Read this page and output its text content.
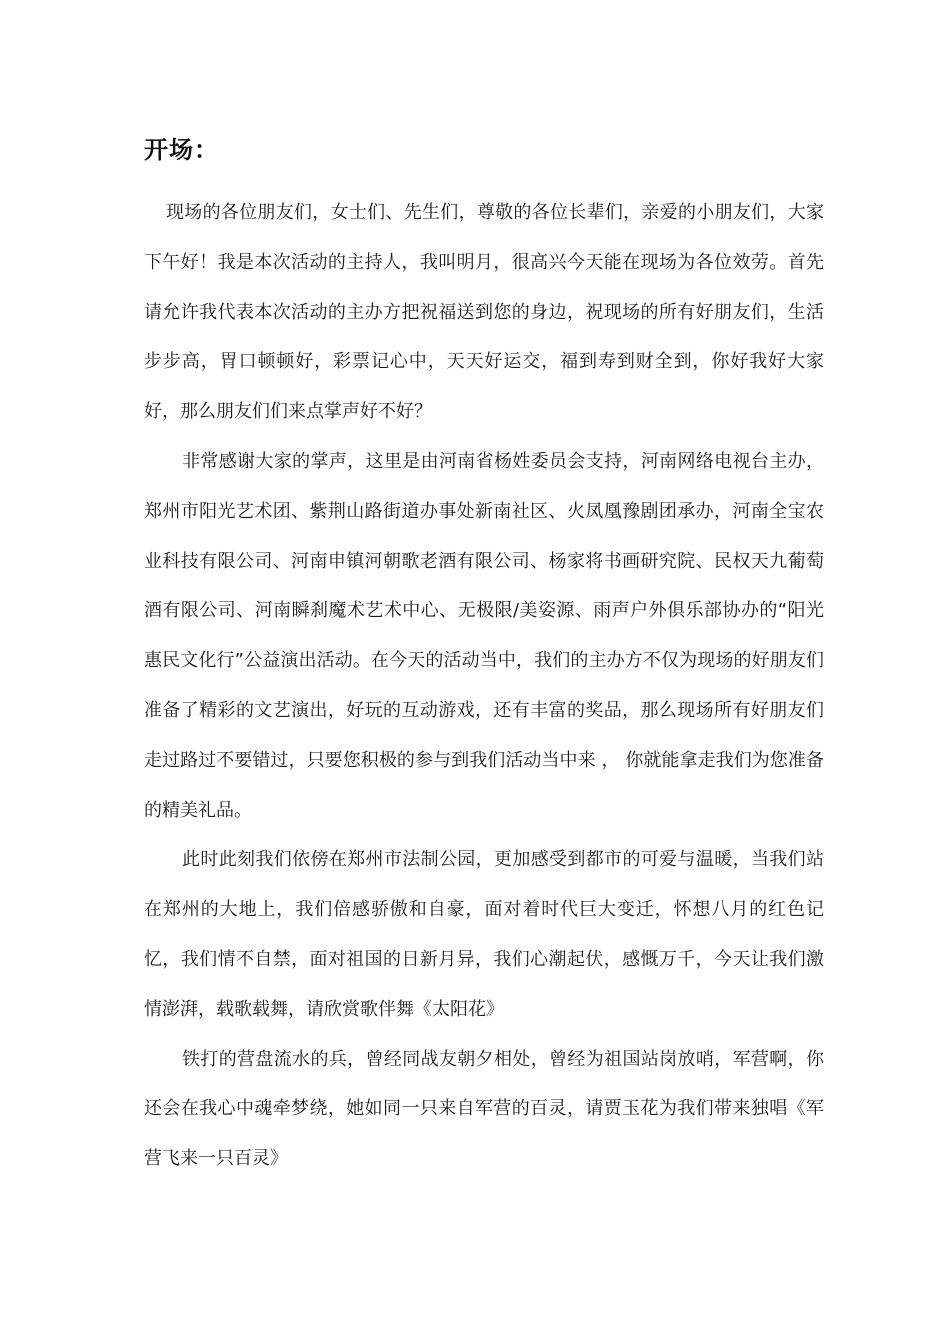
开场：

现场的各位朋友们，女士们、先生们，尊敬的各位长辈们，亲爱的小朋友们，大家下午好！我是本次活动的主持人，我叫明月，很高兴今天能在现场为各位效劳。首先请允许我代表本次活动的主办方把祝福送到您的身边，祝现场的所有好朋友们，生活步步高，胃口顿顿好，彩票记心中，天天好运交，福到寿到财全到，你好我好大家好，那么朋友们们来点掌声好不好？

非常感谢大家的掌声，这里是由河南省杨姓委员会支持，河南网络电视台主办，郑州市阳光艺术团、紫荆山路街道办事处新南社区、火凤凰豫剧团承办，河南全宝农业科技有限公司、河南申镇河朝歌老酒有限公司、杨家将书画研究院、民权天九葡萄酒有限公司、河南瞬刹魔术艺术中心、无极限/美姿源、雨声户外俱乐部协办的“阳光惠民文化行”公益演出活动。在今天的活动当中，我们的主办方不仅为现场的好朋友们准备了精彩的文艺演出，好玩的互动游戏，还有丰富的奖品，那么现场所有好朋友们走过路过不要错过，只要您积极的参与到我们活动当中来 ， 你就能拿走我们为您准备的精美礼品。

此时此刻我们依傍在郑州市法制公园，更加感受到都市的可爱与温暖，当我们站在郑州的大地上，我们倍感骄傲和自豪，面对着时代巨大变迁，怀想八月的红色记忆，我们情不自禁，面对祖国的日新月异，我们心潮起伏，感慨万千，今天让我们激情澎湃，载歌载舞，请欣赏歌伴舞《太阳花》

铁打的营盘流水的兵，曾经同战友朝夕相处，曾经为祖国站岗放哨，军营啊，你还会在我心中魂牵梦绕，她如同一只来自军营的百灵，请贾玉花为我们带来独唱《军营飞来一只百灵》
